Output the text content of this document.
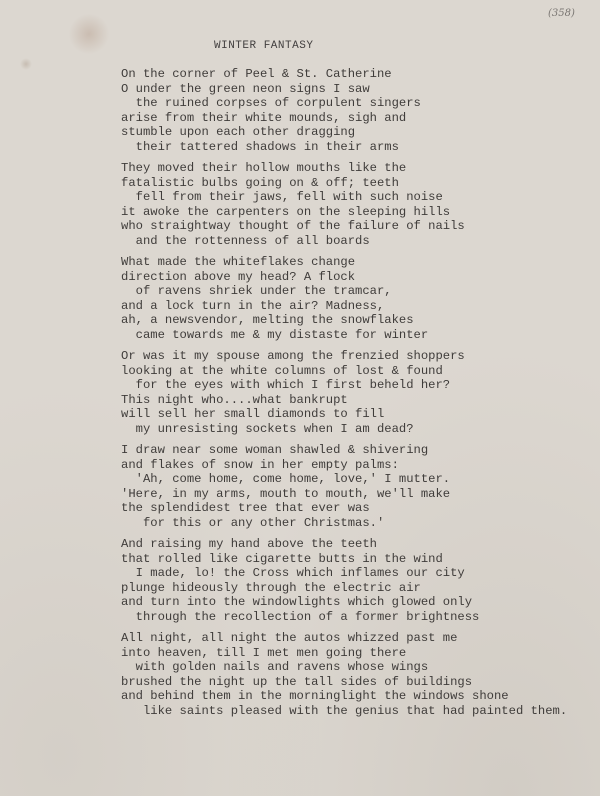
(358)
WINTER FANTASY
On the corner of Peel & St. Catherine
O under the green neon signs I saw
the ruined corpses of corpulent singers
arise from their white mounds, sigh and
stumble upon each other dragging
their tattered shadows in their arms
They moved their hollow mouths like the
fatalistic bulbs going on & off; teeth
fell from their jaws, fell with such noise
it awoke the carpenters on the sleeping hills
who straightway thought of the failure of nails
and the rottenness of all boards
What made the whiteflakes change
direction above my head? A flock
of ravens shriek under the tramcar,
and a lock turn in the air? Madness,
ah, a newsvendor, melting the snowflakes
came towards me & my distaste for winter
Or was it my spouse among the frenzied shoppers
looking at the white columns of lost & found
for the eyes with which I first beheld her?
This night who....what bankrupt
will sell her small diamonds to fill
my unresisting sockets when I am dead?
I draw near some woman shawled & shivering
and flakes of snow in her empty palms:
'Ah, come home, come home, love,' I mutter.
'Here, in my arms, mouth to mouth, we'll make
the splendidest tree that ever was
for this or any other Christmas.'
And raising my hand above the teeth
that rolled like cigarette butts in the wind
I made, lo! the Cross which inflames our city
plunge hideously through the electric air
and turn into the windowlights which glowed only
through the recollection of a former brightness
All night, all night the autos whizzed past me
into heaven, till I met men going there
with golden nails and ravens whose wings
brushed the night up the tall sides of buildings
and behind them in the morninglight the windows shone
like saints pleased with the genius that had painted them.
